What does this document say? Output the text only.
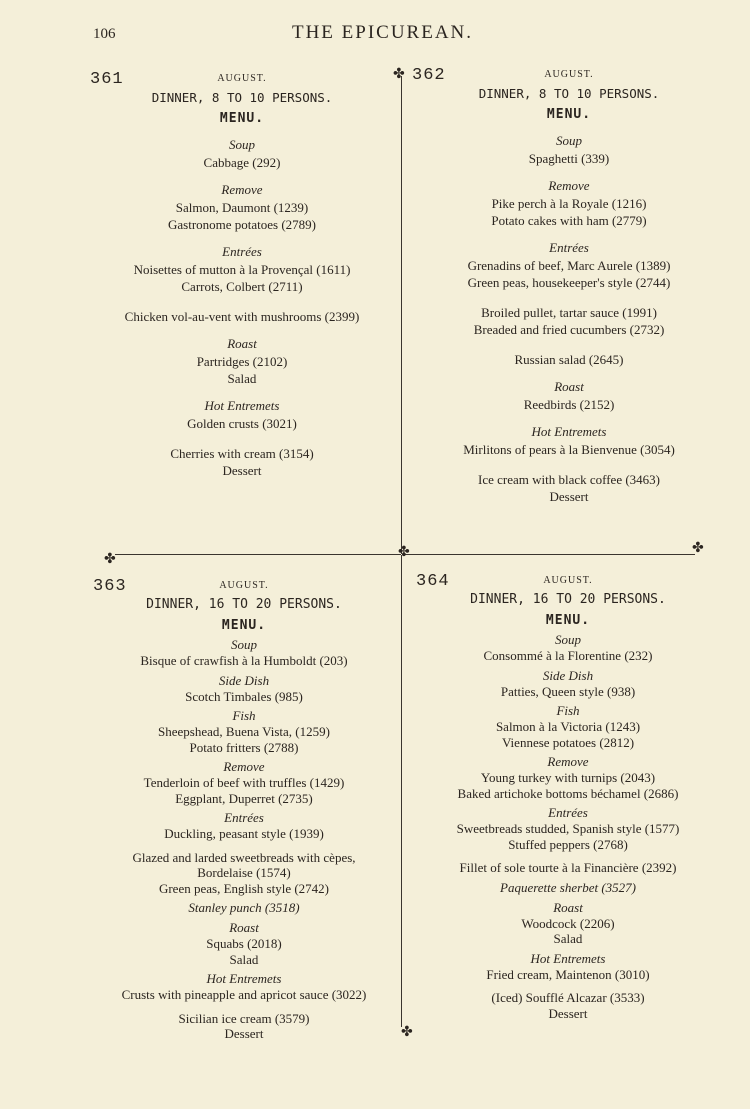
106	THE EPICUREAN.
✤
✤	✤	✤
✤
361	AUGUST.
DINNER, 8 TO 10 PERSONS.
MENU.
Soup
Cabbage (292)
Remove
Salmon, Daumont (1239)
Gastronome potatoes (2789)
Entrées
Noisettes of mutton à la Provençal (1611)
Carrots, Colbert (2711)
Chicken vol-au-vent with mushrooms (2399)
Roast
Partridges (2102)
Salad
Hot Entremets
Golden crusts (3021)
Cherries with cream (3154)
Dessert
362	AUGUST.
DINNER, 8 TO 10 PERSONS.
MENU.
Soup
Spaghetti (339)
Remove
Pike perch à la Royale (1216)
Potato cakes with ham (2779)
Entrées
Grenadins of beef, Marc Aurele (1389)
Green peas, housekeeper's style (2744)
Broiled pullet, tartar sauce (1991)
Breaded and fried cucumbers (2732)
Russian salad (2645)
Roast
Reedbirds (2152)
Hot Entremets
Mirlitons of pears à la Bienvenue (3054)
Ice cream with black coffee (3463)
Dessert
363	AUGUST.
DINNER, 16 TO 20 PERSONS.
MENU.
Soup
Bisque of crawfish à la Humboldt (203)
Side Dish
Scotch Timbales (985)
Fish
Sheepshead, Buena Vista, (1259)
Potato fritters (2788)
Remove
Tenderloin of beef with truffles (1429)
Eggplant, Duperret (2735)
Entrées
Duckling, peasant style (1939)
Glazed and larded sweetbreads with cèpes,
Bordelaise (1574)
Green peas, English style (2742)
Stanley punch (3518)
Roast
Squabs (2018)
Salad
Hot Entremets
Crusts with pineapple and apricot sauce (3022)
Sicilian ice cream (3579)
Dessert
364	AUGUST.
DINNER, 16 TO 20 PERSONS.
MENU.
Soup
Consommé à la Florentine (232)
Side Dish
Patties, Queen style (938)
Fish
Salmon à la Victoria (1243)
Viennese potatoes (2812)
Remove
Young turkey with turnips (2043)
Baked artichoke bottoms béchamel (2686)
Entrées
Sweetbreads studded, Spanish style (1577)
Stuffed peppers (2768)
Fillet of sole tourte à la Financière (2392)
Paquerette sherbet (3527)
Roast
Woodcock (2206)
Salad
Hot Entremets
Fried cream, Maintenon (3010)
(Iced) Soufflé Alcazar (3533)
Dessert
